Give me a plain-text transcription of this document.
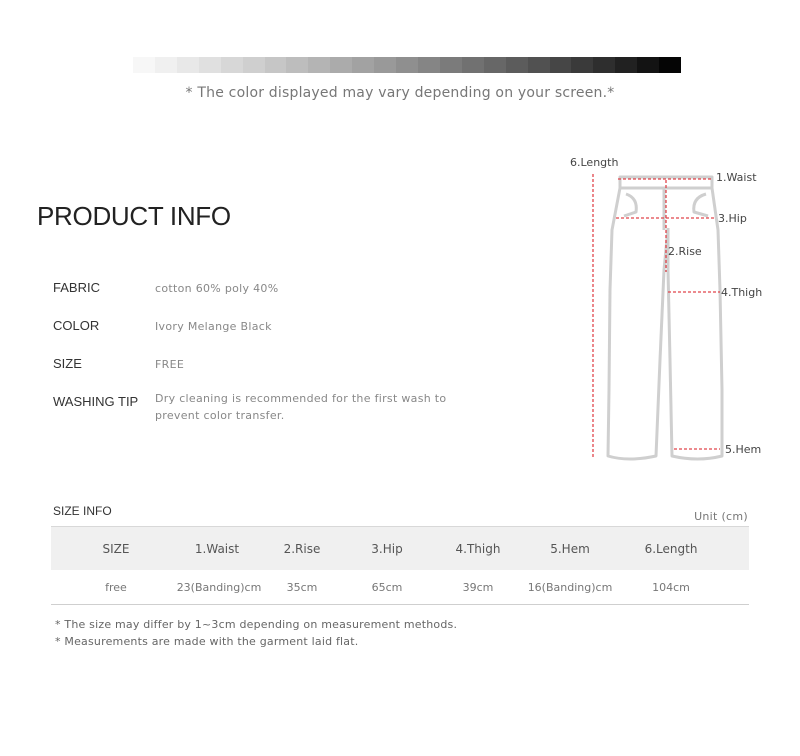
* The color displayed may vary depending on your screen.*
PRODUCT INFO
FABRIC	cotton 60% poly 40%
COLOR	Ivory Melange Black
SIZE	FREE
WASHING TIP Dry cleaning is recommended for the first wash to prevent color transfer.
6.Length
1.Waist
3.Hip
2.Rise
4.Thigh
5.Hem
SIZE INFO	Unit (cm)
SIZE	1.Waist	2.Rise	3.Hip	4.Thigh	5.Hem	6.Length
free	23(Banding)cm	35cm	65cm	39cm	16(Banding)cm	104cm
* The size may differ by 1~3cm depending on measurement methods.
* Measurements are made with the garment laid flat.
